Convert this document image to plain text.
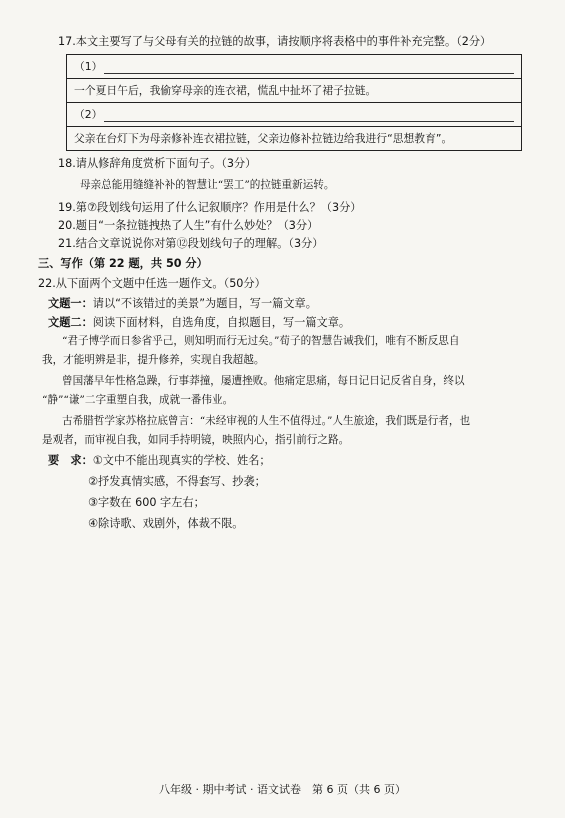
17.本文主要写了与父母有关的拉链的故事，请按顺序将表格中的事件补充完整。（2分）
（1）
一个夏日午后，我偷穿母亲的连衣裙，慌乱中扯坏了裙子拉链。
（2）
父亲在台灯下为母亲修补连衣裙拉链，父亲边修补拉链边给我进行“思想教育”。
18.请从修辞角度赏析下面句子。（3分）
母亲总能用缝缝补补的智慧让“罢工”的拉链重新运转。
19.第⑦段划线句运用了什么记叙顺序？作用是什么？（3分）
20.题目“一条拉链拽热了人生”有什么妙处？（3分）
21.结合文章说说你对第⑫段划线句子的理解。（3分）
三、写作（第 22 题，共 50 分）
22.从下面两个文题中任选一题作文。（50分）
文题一：请以“不该错过的美景”为题目，写一篇文章。
文题二：阅读下面材料，自选角度，自拟题目，写一篇文章。
“君子博学而日参省乎己，则知明而行无过矣。”荀子的智慧告诫我们，唯有不断反思自
我，才能明辨是非，提升修养，实现自我超越。
曾国藩早年性格急躁，行事莽撞，屡遭挫败。他痛定思痛，每日记日记反省自身，终以
“静”“谦”二字重塑自我，成就一番伟业。
古希腊哲学家苏格拉底曾言：“未经审视的人生不值得过。”人生旅途，我们既是行者，也
是观者，而审视自我，如同手持明镜，映照内心，指引前行之路。
要　求：①文中不能出现真实的学校、姓名；
②抒发真情实感，不得套写、抄袭；
③字数在 600 字左右；
④除诗歌、戏剧外，体裁不限。
八年级 · 期中考试 · 语文试卷　第 6 页（共 6 页）
